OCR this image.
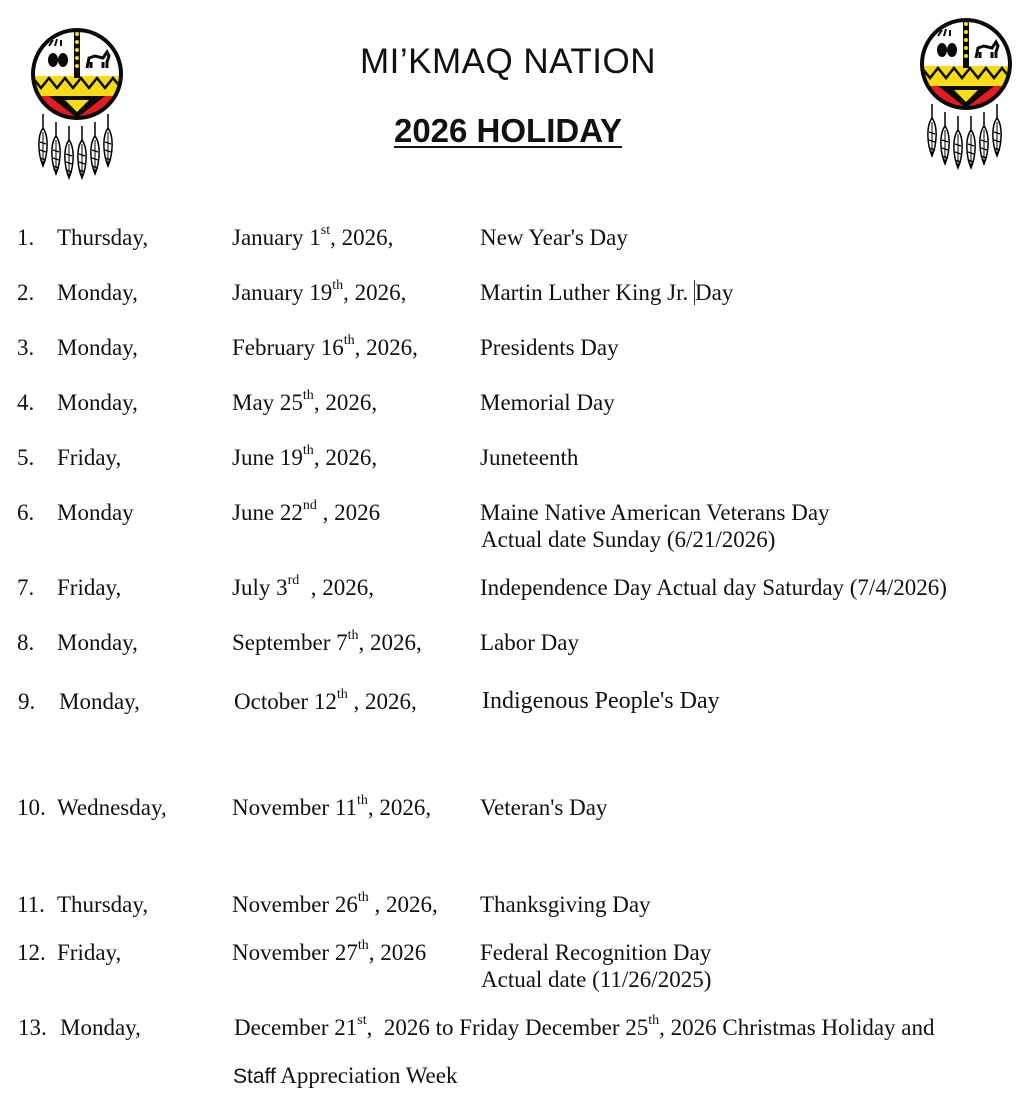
MI’KMAQ NATION
2026 HOLIDAY
1. Thursday,	January 1st, 2026,	New Year's Day
2. Monday,	January 19th, 2026,	Martin Luther King Jr. Day
3. Monday,	February 16th, 2026,	Presidents Day
4. Monday,	May 25th, 2026,	Memorial Day
5. Friday,	June 19th, 2026,	Juneteenth
6. Monday	June 22nd , 2026	Maine Native American Veterans Day
Actual date Sunday (6/21/2026)
7. Friday,	July 3rd  , 2026,	Independence Day Actual day Saturday (7/4/2026)
8. Monday,	September 7th, 2026,	Labor Day
9. Monday,	October 12th , 2026,	Indigenous People's Day
10. Wednesday,	November 11th, 2026, Veteran's Day
11. Thursday,	November 26th , 2026, Thanksgiving Day
12. Friday,	November 27th, 2026 Federal Recognition Day
Actual date (11/26/2025)
13. Monday,	December 21st,  2026 to Friday December 25th, 2026 Christmas Holiday and
Staff Appreciation Week
